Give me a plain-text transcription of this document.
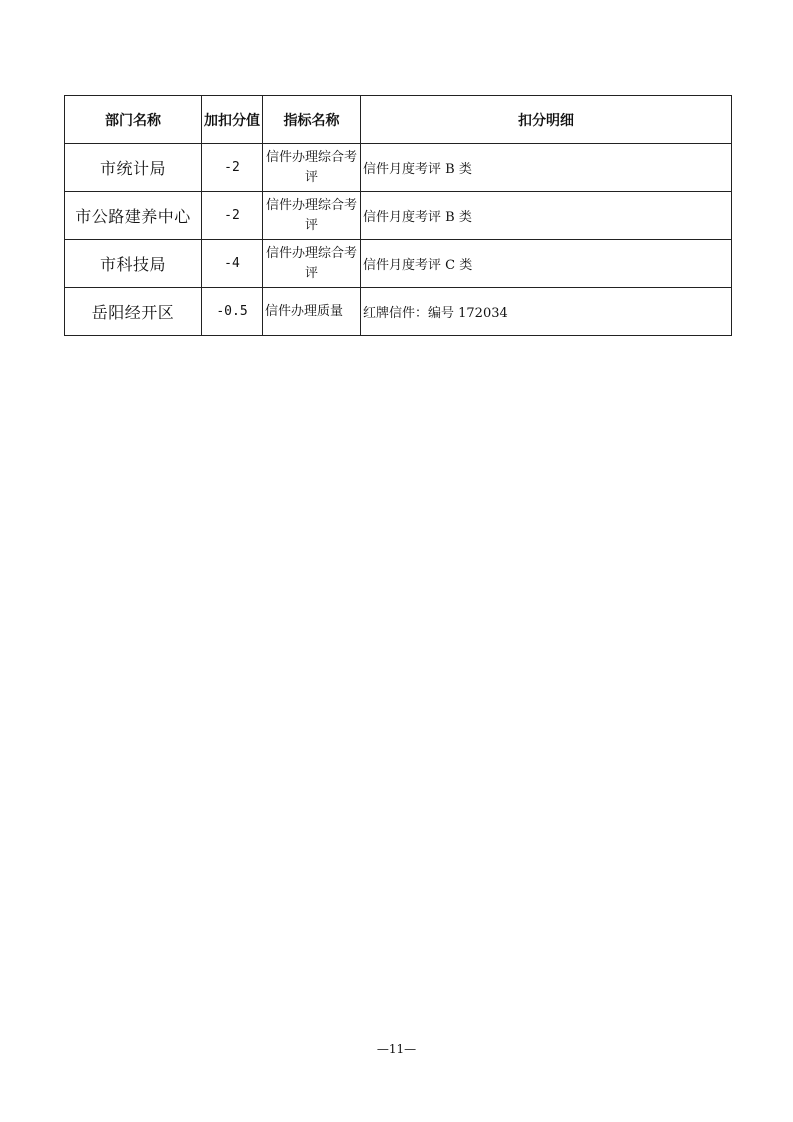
部门名称	加扣分值	指标名称	扣分明细
市统计局	-2	信件办理综合考评	信件月度考评 B 类
市公路建养中心	-2	信件办理综合考评	信件月度考评 B 类
市科技局	-4	信件办理综合考评	信件月度考评 C 类
岳阳经开区	-0.5	信件办理质量	红牌信件：编号 172034
—11—
